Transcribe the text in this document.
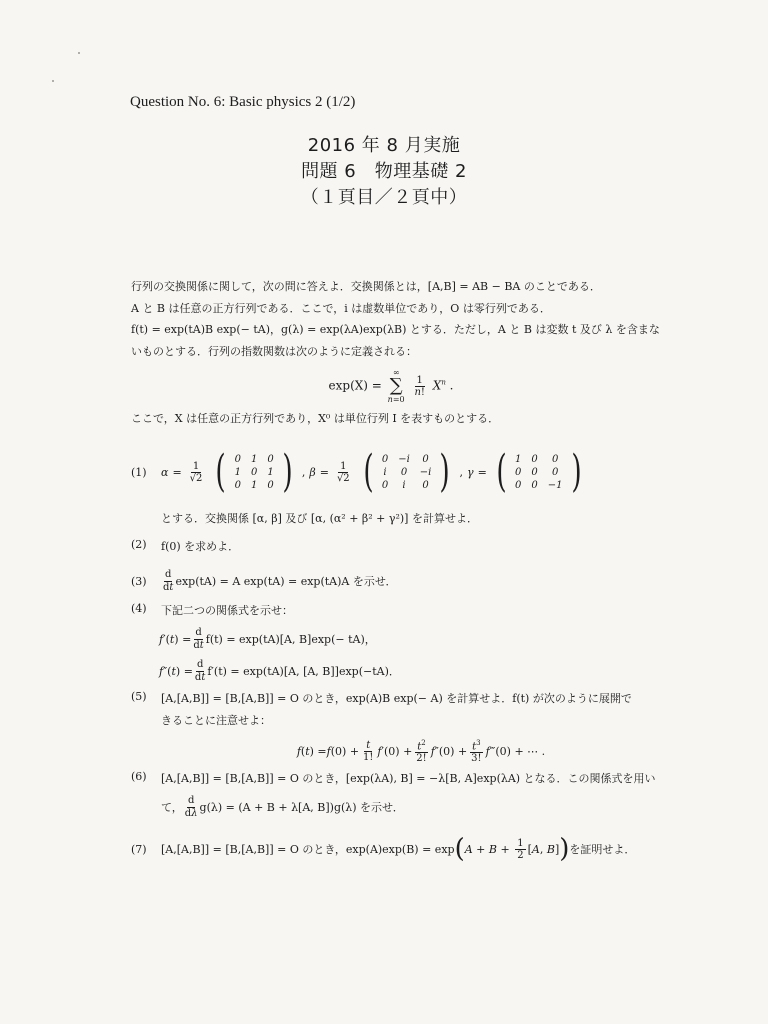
Question No. 6: Basic physics 2 (1/2)
2016 年 8 月実施
問題 6　物理基礎 2
（１頁目／２頁中）
行列の交換関係に関して，次の問に答えよ．交換関係とは，[A,B] = AB − BA のことである．
A と B は任意の正方行列である．ここで，i は虚数単位であり，O は零行列である．
f(t) = exp(tA)B exp(− tA)，g(λ) = exp(λA)exp(λB) とする．ただし，A と B は変数 t 及び λ を含まな
いものとする．行列の指数関数は次のように定義される：
exp(X) =
∞
∑
n=0

$\frac{1}{n!} X^n$ .
ここで，X は任意の正方行列であり，X⁰ は単位行列 I を表すものとする．
(1)	$\alpha = \frac{1}{√2}$ ( 0	1	0
1	0	1
0	1	0 ) , $\beta = \frac{1}{√2}$ ( 0	−i	0
i	0	−i
0	i	0 ) , γ = ( 1	0	0
0	0	0
0	0	−1 )
とする．交換関係 [α, β] 及び [α, (α² + β² + γ²)] を計算せよ．
(2)	f(0) を求めよ．
(3)	$\frac{d}{dt} \exp(tA) = A$ exp(tA) = exp(tA)A を示せ．
(4)	下記二つの関係式を示せ：
f ′( t ) = $\frac{d}{dt} f(t) = \exp(tA)[A$, B]exp(− tA)，
f ″( t ) = $\frac{d}{dt} f'(t) = \exp(tA)[A$, [A, B]]exp(−tA)．
(5)	[A,[A,B]] = [B,[A,B]] = O のとき，exp(A)B exp(− A) を計算せよ．f(t) が次のように展開で
きることに注意せよ：
f ( t ) = f $(0) + \frac{t}{1!}$ f $'(0) + \frac{t^2}{2!}$ f $''(0) + \frac{t^3}{3!}$ f ‴(0) + ⋯ .
(6)	[A,[A,B]] = [B,[A,B]] = O のとき，[exp(λA), B] = −λ[B, A]exp(λA) となる．この関係式を用い
て， $\frac{d}{d\lambda} g(\lambda) = (A + B + \lambda[A$, B])g(λ) を示せ．
(7)	[A,[A,B]] = [B,[A,B]] = O のとき，exp(A)exp(B) = exp ( $A + B + \frac{1}{2}$ [ A , B ] ) を証明せよ．
